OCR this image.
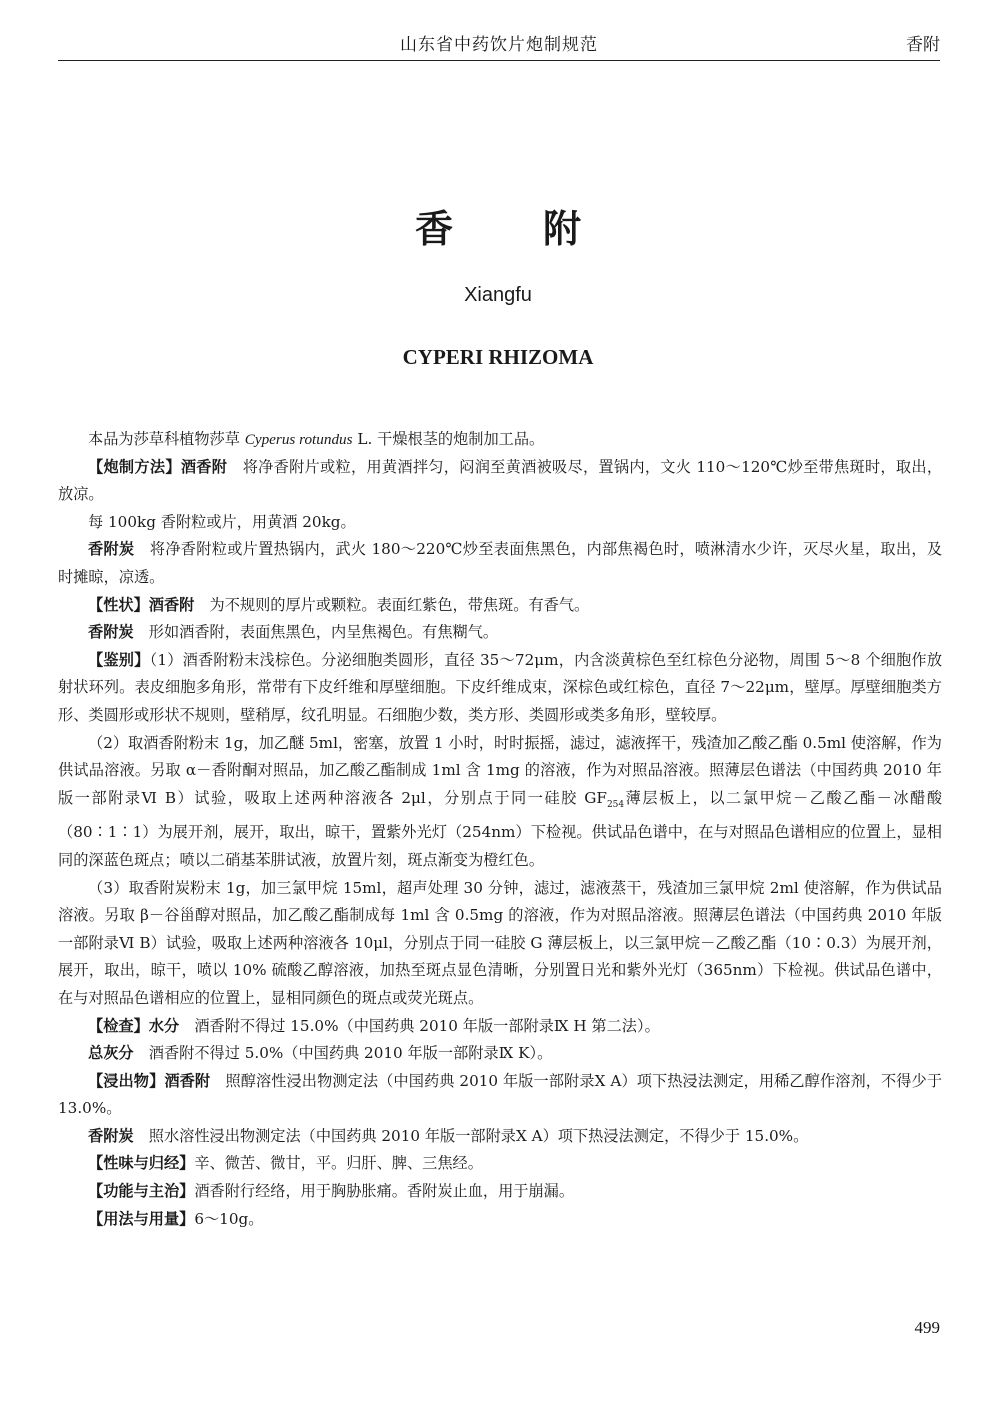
山东省中药饮片炮制规范	香附
香附
Xiangfu
CYPERI RHIZOMA

本品为莎草科植物莎草 Cyperus rotundus L. 干燥根茎的炮制加工品。

【炮制方法】酒香附　 将净香附片或粒，用黄酒拌匀，闷润至黄酒被吸尽，置锅内，文火 110～120℃炒至带焦斑时，取出，放凉。

每 100kg 香附粒或片，用黄酒 20kg。

香附炭　 将净香附粒或片置热锅内，武火 180～220℃炒至表面焦黑色，内部焦褐色时，喷淋清水少许，灭尽火星，取出，及时摊晾，凉透。

【性状】酒香附　 为不规则的厚片或颗粒。表面红紫色，带焦斑。有香气。

香附炭　 形如酒香附，表面焦黑色，内呈焦褐色。有焦糊气。

【鉴别】（1）酒香附粉末浅棕色。分泌细胞类圆形，直径 35～72μm，内含淡黄棕色至红棕色分泌物，周围 5～8 个细胞作放射状环列。表皮细胞多角形，常带有下皮纤维和厚壁细胞。下皮纤维成束，深棕色或红棕色，直径 7～22μm，壁厚。厚壁细胞类方形、类圆形或形状不规则，壁稍厚，纹孔明显。石细胞少数，类方形、类圆形或类多角形，壁较厚。

（2）取酒香附粉末 1g，加乙醚 5ml，密塞，放置 1 小时，时时振摇，滤过，滤液挥干，残渣加乙酸乙酯 0.5ml 使溶解，作为供试品溶液。另取 α－香附酮对照品，加乙酸乙酯制成 1ml 含 1mg 的溶液，作为对照品溶液。照薄层色谱法（中国药典 2010 年版一部附录Ⅵ B）试验，吸取上述两种溶液各 2μl，分别点于同一硅胶 $GF_{254}$薄层板上，以二氯甲烷－乙酸乙酯－冰醋酸（80∶1∶1）为展开剂，展开，取出，晾干，置紫外光灯（254nm）下检视。供试品色谱中，在与对照品色谱相应的位置上，显相同的深蓝色斑点；喷以二硝基苯肼试液，放置片刻，斑点渐变为橙红色。

（3）取香附炭粉末 1g，加三氯甲烷 15ml，超声处理 30 分钟，滤过，滤液蒸干，残渣加三氯甲烷 2ml 使溶解，作为供试品溶液。另取 β－谷甾醇对照品，加乙酸乙酯制成每 1ml 含 0.5mg 的溶液，作为对照品溶液。照薄层色谱法（中国药典 2010 年版一部附录Ⅵ B）试验，吸取上述两种溶液各 10μl，分别点于同一硅胶 G 薄层板上，以三氯甲烷－乙酸乙酯（10∶0.3）为展开剂，展开，取出，晾干，喷以 10% 硫酸乙醇溶液，加热至斑点显色清晰，分别置日光和紫外光灯（365nm）下检视。供试品色谱中，在与对照品色谱相应的位置上，显相同颜色的斑点或荧光斑点。

【检查】水分　 酒香附不得过 15.0%（中国药典 2010 年版一部附录Ⅸ H 第二法）。

总灰分　 酒香附不得过 5.0%（中国药典 2010 年版一部附录Ⅸ K）。

【浸出物】酒香附　 照醇溶性浸出物测定法（中国药典 2010 年版一部附录Ⅹ A）项下热浸法测定，用稀乙醇作溶剂，不得少于 13.0%。

香附炭　 照水溶性浸出物测定法（中国药典 2010 年版一部附录Ⅹ A）项下热浸法测定，不得少于 15.0%。

【性味与归经】辛、微苦、微甘，平。归肝、脾、三焦经。

【功能与主治】酒香附行经络，用于胸胁胀痛。香附炭止血，用于崩漏。

【用法与用量】6～10g。

499
